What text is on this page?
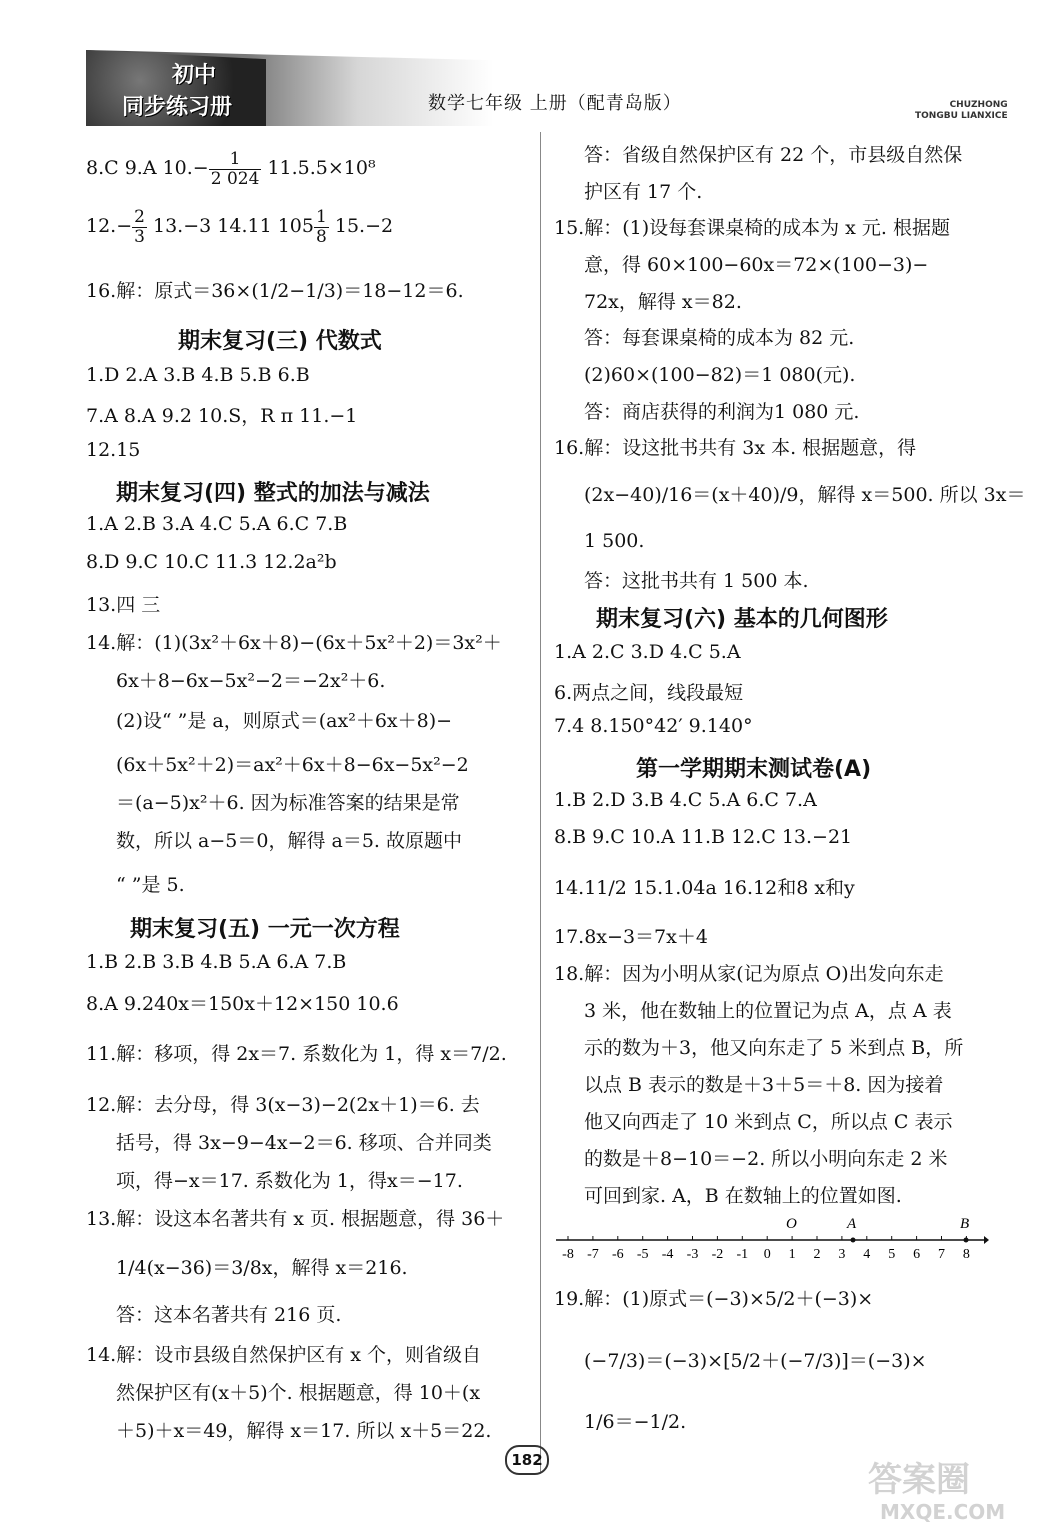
初中
同步练习册	数学七年级 上册（配青岛版）	CHUZHONG
TONGBU LIANXICE
8.C 9.A $10.- \frac{1}{2 024} 11.5.5\times 10^8$
$12.- \frac{2}{3} 13.-3$ 14.11 $105 \frac{1}{8} 15.-2$
16.解：原式＝36×(1/2−1/3)＝18−12＝6.
期末复习(三) 代数式
1.D 2.A 3.B 4.B 5.B 6.B
7.A 8.A 9.2 10.S，R π 11.−1
12.15
期末复习(四) 整式的加法与减法
1.A 2.B 3.A 4.C 5.A 6.C 7.B
8.D 9.C 10.C 11.3 12.2a²b
13.四 三
14.解：(1)(3x²＋6x＋8)−(6x＋5x²＋2)＝3x²＋
6x＋8−6x−5x²−2＝−2x²＋6.
(2)设“ ”是 a，则原式＝(ax²＋6x＋8)−
(6x＋5x²＋2)＝ax²＋6x＋8−6x−5x²−2
＝(a−5)x²＋6. 因为标准答案的结果是常
数，所以 a−5＝0，解得 a＝5. 故原题中
“ ”是 5.
期末复习(五) 一元一次方程
1.B 2.B 3.B 4.B 5.A 6.A 7.B
8.A 9.240x＝150x＋12×150 10.6
11.解：移项，得 2x＝7. 系数化为 1，得 x＝7/2.
12.解：去分母，得 3(x−3)−2(2x＋1)＝6. 去
括号，得 3x−9−4x−2＝6. 移项、合并同类
项，得−x＝17. 系数化为 1，得x＝−17.
13.解：设这本名著共有 x 页. 根据题意，得 36＋
1/4(x−36)＝3/8x，解得 x＝216.
答：这本名著共有 216 页.
14.解：设市县级自然保护区有 x 个，则省级自
然保护区有(x＋5)个. 根据题意，得 10＋(x
＋5)＋x＝49，解得 x＝17. 所以 x＋5＝22.
答：省级自然保护区有 22 个，市县级自然保
护区有 17 个.
15.解：(1)设每套课桌椅的成本为 x 元. 根据题
意，得 60×100−60x＝72×(100−3)−
72x，解得 x＝82.
答：每套课桌椅的成本为 82 元.
(2)60×(100−82)＝1 080(元).
答：商店获得的利润为1 080 元.
16.解：设这批书共有 3x 本. 根据题意，得
(2x−40)/16＝(x＋40)/9，解得 x＝500. 所以 3x＝
1 500.
答：这批书共有 1 500 本.
期末复习(六) 基本的几何图形
1.A 2.C 3.D 4.C 5.A
6.两点之间，线段最短
7.4 8.150°42′ 9.140°
第一学期期末测试卷(A)
1.B 2.D 3.B 4.C 5.A 6.C 7.A
8.B 9.C 10.A 11.B 12.C 13.−21
14.11/2 15.1.04a 16.12和8 x和y
17.8x−3＝7x＋4
18.解：因为小明从家(记为原点 O)出发向东走
3 米，他在数轴上的位置记为点 A，点 A 表
示的数为＋3，他又向东走了 5 米到点 B，所
以点 B 表示的数是＋3＋5＝＋8. 因为接着
他又向西走了 10 米到点 C，所以点 C 表示
的数是＋8−10＝−2. 所以小明向东走 2 米
可回到家. A，B 在数轴上的位置如图.
-8 -7 -6 -5 -4 -3 -2 -1 0 1 2 3 4 5 6 7 8
O	A	B
19.解：(1)原式＝(−3)×5/2＋(−3)×
(−7/3)＝(−3)×[5/2＋(−7/3)]＝(−3)×
1/6＝−1/2.
182	答案圈
MXQE.COM
